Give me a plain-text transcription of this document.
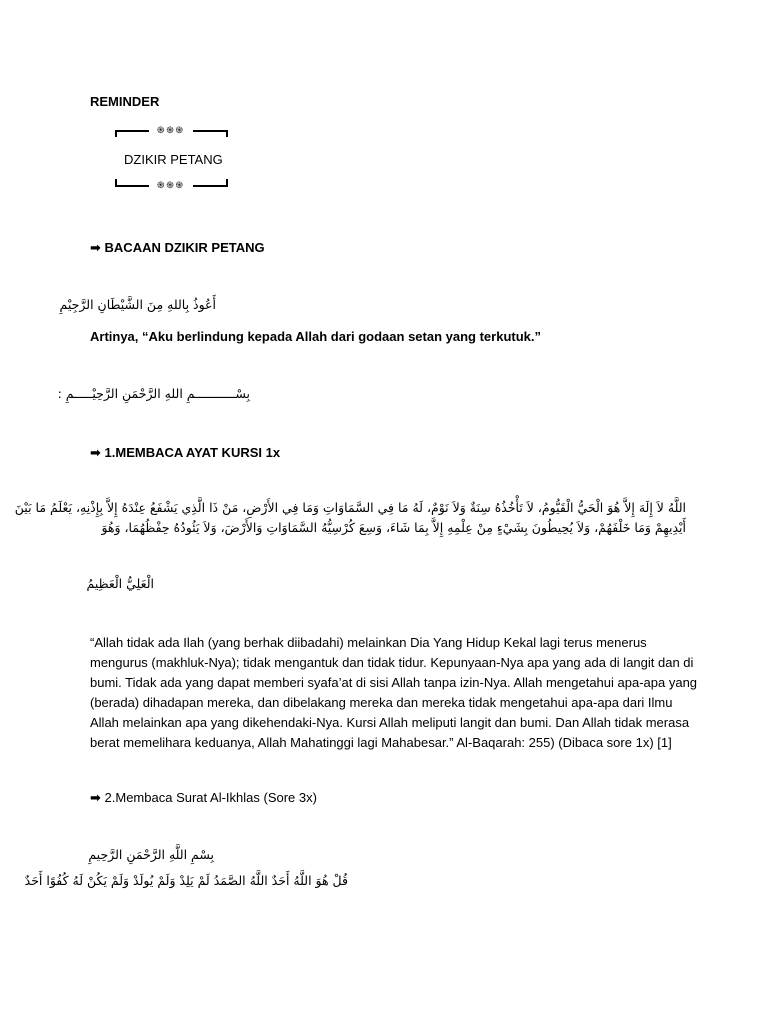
REMINDER
֍֍֍
DZIKIR PETANG
֍֍֍
➡ BACAAN DZIKIR PETANG
أَعُوذُ بِاللهِ مِنَ الشَّيْطَانِ الرَّجِيْمِ
Artinya, “Aku berlindung kepada Allah dari godaan setan yang terkutuk.”
بِسْـــــــــــمِ اللهِ الرَّحْمَنِ الرَّحِيْـــــمِ :
➡ 1.MEMBACA AYAT KURSI 1x
اللَّهُ لاَ إِلَهَ إِلاَّ هُوَ الْحَيُّ الْقَيُّومُ، لاَ تَأْخُذُهُ سِنَةٌ وَلاَ نَوْمٌ، لَهُ مَا فِي السَّمَاوَاتِ وَمَا فِي الأَرْضِ، مَنْ ذَا الَّذِي يَشْفَعُ عِنْدَهُ إِلاَّ بِإِذْنِهِ، يَعْلَمُ مَا بَيْنَ
أَيْدِيهِمْ وَمَا خَلْفَهُمْ، وَلاَ يُحِيطُونَ بِشَيْءٍ مِنْ عِلْمِهِ إِلاَّ بِمَا شَاءَ، وَسِعَ كُرْسِيُّهُ السَّمَاوَاتِ وَالأَرْضَ، وَلاَ يَئُودُهُ حِفْظُهُمَا، وَهُوَ
الْعَلِيُّ الْعَظِيمُ
“Allah tidak ada Ilah (yang berhak diibadahi) melainkan Dia Yang Hidup Kekal lagi terus menerus
mengurus (makhluk-Nya); tidak mengantuk dan tidak tidur. Kepunyaan-Nya apa yang ada di langit dan di
bumi. Tidak ada yang dapat memberi syafa’at di sisi Allah tanpa izin-Nya. Allah mengetahui apa-apa yang
(berada) dihadapan mereka, dan dibelakang mereka dan mereka tidak mengetahui apa-apa dari Ilmu
Allah melainkan apa yang dikehendaki-Nya. Kursi Allah meliputi langit dan bumi. Dan Allah tidak merasa
berat memelihara keduanya, Allah Mahatinggi lagi Mahabesar.” Al-Baqarah: 255) (Dibaca sore 1x) [1]
➡ 2.Membaca Surat Al-Ikhlas (Sore 3x)
بِسْمِ اللَّهِ الرَّحْمَنِ الرَّحِيمِ
قُلْ هُوَ اللَّهُ أَحَدٌ اللَّهُ الصَّمَدُ لَمْ يَلِدْ وَلَمْ يُولَدْ وَلَمْ يَكُنْ لَهُ كُفُوًا أَحَدٌ
